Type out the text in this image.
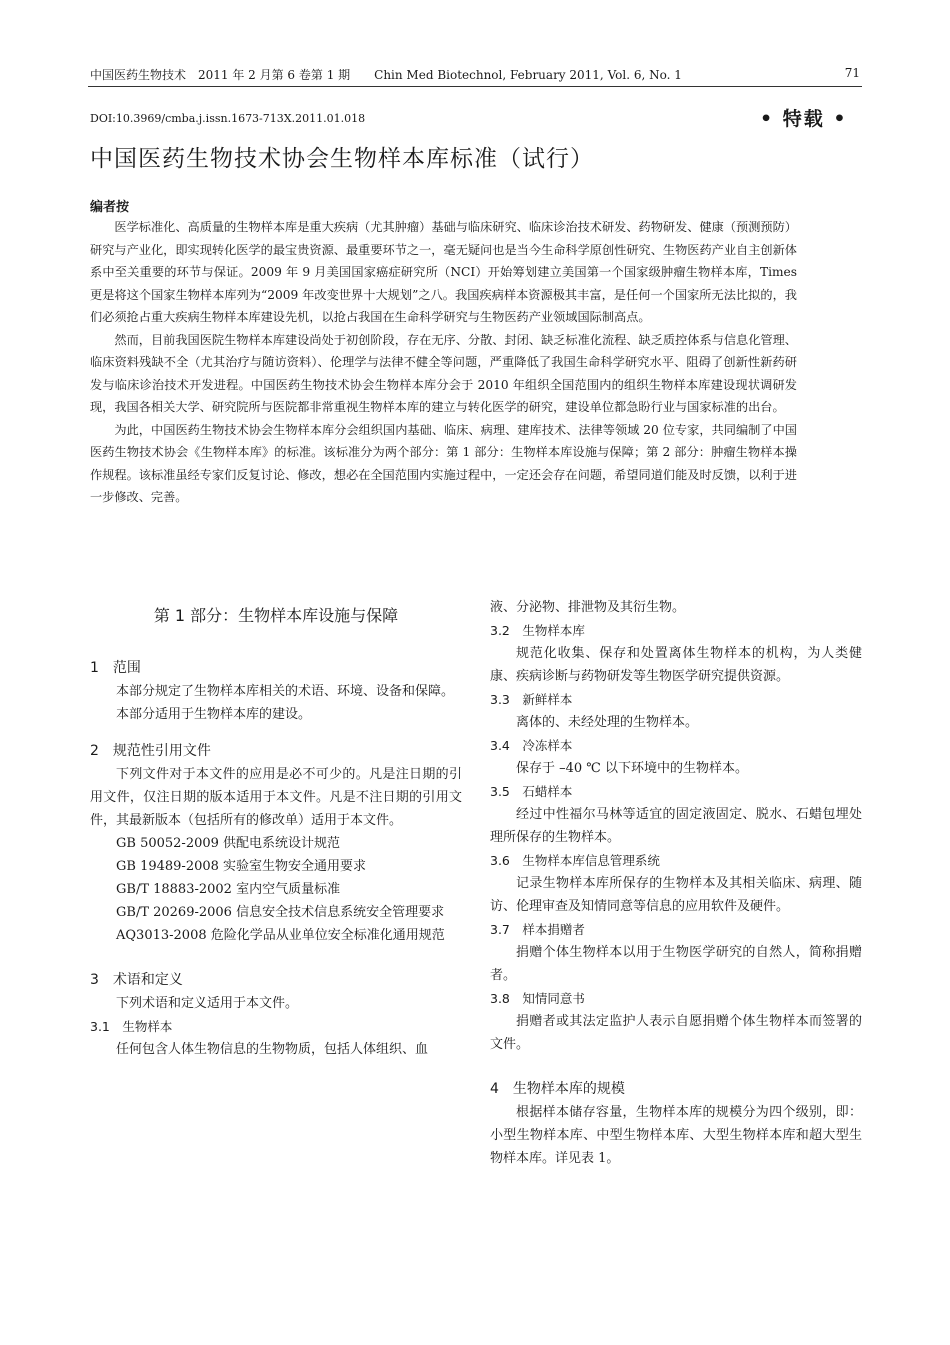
中国医药生物技术　2011 年 2 月第 6 卷第 1 期　　Chin Med Biotechnol, February 2011, Vol. 6, No. 1	71
DOI:10.3969/cmba.j.issn.1673-713X.2011.01.018	• 特载 •
中国医药生物技术协会生物样本库标准（试行）
编者按

医学标准化、高质量的生物样本库是重大疾病（尤其肿瘤）基础与临床研究、临床诊治技术研发、药物研发、健康（预测预防）研究与产业化，即实现转化医学的最宝贵资源、最重要环节之一，毫无疑问也是当今生命科学原创性研究、生物医药产业自主创新体系中至关重要的环节与保证。2009 年 9 月美国国家癌症研究所（NCI）开始筹划建立美国第一个国家级肿瘤生物样本库，Times 更是将这个国家生物样本库列为“2009 年改变世界十大规划”之八。我国疾病样本资源极其丰富，是任何一个国家所无法比拟的，我们必须抢占重大疾病生物样本库建设先机，以抢占我国在生命科学研究与生物医药产业领域国际制高点。

然而，目前我国医院生物样本库建设尚处于初创阶段，存在无序、分散、封闭、缺乏标准化流程、缺乏质控体系与信息化管理、临床资料残缺不全（尤其治疗与随访资料）、伦理学与法律不健全等问题，严重降低了我国生命科学研究水平、阻碍了创新性新药研发与临床诊治技术开发进程。中国医药生物技术协会生物样本库分会于 2010 年组织全国范围内的组织生物样本库建设现状调研发现，我国各相关大学、研究院所与医院都非常重视生物样本库的建立与转化医学的研究，建设单位都急盼行业与国家标准的出台。

为此，中国医药生物技术协会生物样本库分会组织国内基础、临床、病理、建库技术、法律等领域 20 位专家，共同编制了中国医药生物技术协会《生物样本库》的标准。该标准分为两个部分：第 1 部分：生物样本库设施与保障；第 2 部分：肿瘤生物样本操作规程。该标准虽经专家们反复讨论、修改，想必在全国范围内实施过程中，一定还会存在问题，希望同道们能及时反馈，以利于进一步修改、完善。

第 1 部分：生物样本库设施与保障

1　范围

本部分规定了生物样本库相关的术语、环境、设备和保障。

本部分适用于生物样本库的建设。

2　规范性引用文件

下列文件对于本文件的应用是必不可少的。凡是注日期的引用文件，仅注日期的版本适用于本文件。凡是不注日期的引用文件，其最新版本（包括所有的修改单）适用于本文件。

GB 50052-2009 供配电系统设计规范

GB 19489-2008 实验室生物安全通用要求

GB/T 18883-2002 室内空气质量标准

GB/T 20269-2006 信息安全技术信息系统安全管理要求

AQ3013-2008 危险化学品从业单位安全标准化通用规范

3　术语和定义

下列术语和定义适用于本文件。

3.1　生物样本

任何包含人体生物信息的生物物质，包括人体组织、血

液、分泌物、排泄物及其衍生物。

3.2　生物样本库

规范化收集、保存和处置离体生物样本的机构，为人类健康、疾病诊断与药物研发等生物医学研究提供资源。

3.3　新鲜样本

离体的、未经处理的生物样本。

3.4　冷冻样本

保存于 –40 ℃ 以下环境中的生物样本。

3.5　石蜡样本

经过中性福尔马林等适宜的固定液固定、脱水、石蜡包埋处理所保存的生物样本。

3.6　生物样本库信息管理系统

记录生物样本库所保存的生物样本及其相关临床、病理、随访、伦理审查及知情同意等信息的应用软件及硬件。

3.7　样本捐赠者

捐赠个体生物样本以用于生物医学研究的自然人，简称捐赠者。

3.8　知情同意书

捐赠者或其法定监护人表示自愿捐赠个体生物样本而签署的文件。

4　生物样本库的规模

根据样本储存容量，生物样本库的规模分为四个级别，即：小型生物样本库、中型生物样本库、大型生物样本库和超大型生物样本库。详见表 1。
